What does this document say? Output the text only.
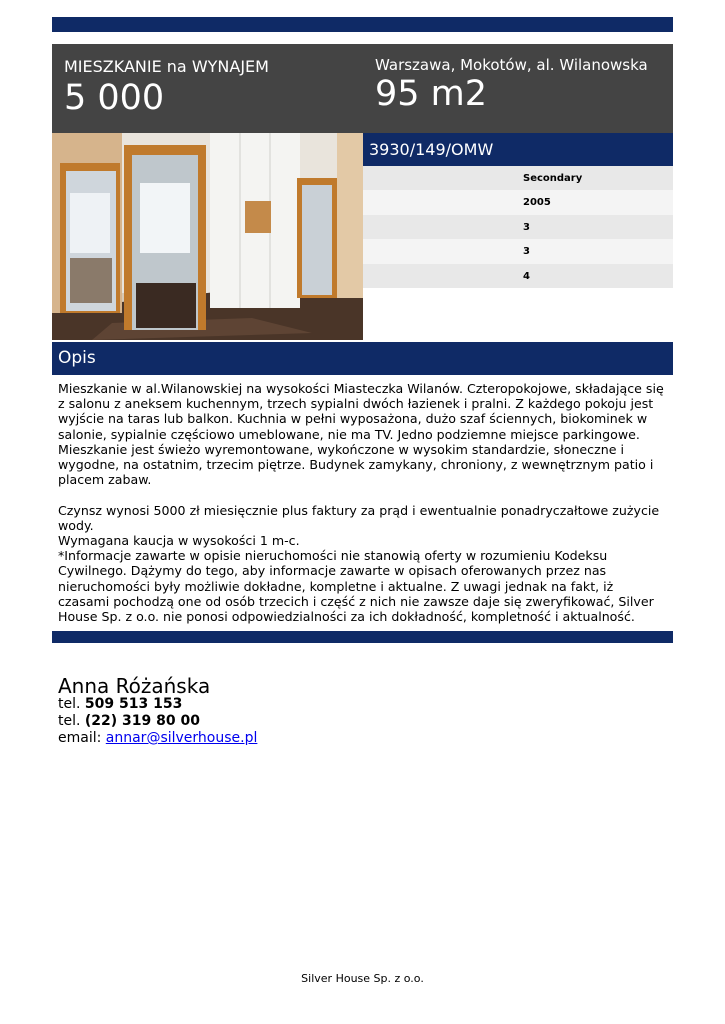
MIESZKANIE na WYNAJEM
5 000
Warszawa, Mokotów, al. Wilanowska
95 m2
3930/149/OMW
Secondary
2005
3
3
4
Opis
Mieszkanie w al.Wilanowskiej na wysokości Miasteczka Wilanów. Czteropokojowe, składające się z salonu z aneksem kuchennym, trzech sypialni dwóch łazienek i pralni. Z każdego pokoju jest wyjście na taras lub balkon. Kuchnia w pełni wyposażona, dużo szaf ściennych, biokominek w salonie, sypialnie częściowo umeblowane, nie ma TV. Jedno podziemne miejsce parkingowe. Mieszkanie jest świeżo wyremontowane, wykończone w wysokim standardzie, słoneczne i wygodne, na ostatnim, trzecim piętrze. Budynek zamykany, chroniony, z wewnętrznym patio i placem zabaw.

Czynsz wynosi 5000 zł miesięcznie plus faktury za prąd i ewentualnie ponadryczałtowe zużycie wody.
Wymagana kaucja w wysokości 1 m-c.
*Informacje zawarte w opisie nieruchomości nie stanowią oferty w rozumieniu Kodeksu Cywilnego. Dążymy do tego, aby informacje zawarte w opisach oferowanych przez nas nieruchomości były możliwie dokładne, kompletne i aktualne. Z uwagi jednak na fakt, iż czasami pochodzą one od osób trzecich i część z nich nie zawsze daje się zweryfikować, Silver House Sp. z o.o. nie ponosi odpowiedzialności za ich dokładność, kompletność i aktualność.
Anna Różańska
tel. 509 513 153
tel. (22) 319 80 00
email: annar@silverhouse.pl
Silver House Sp. z o.o.
